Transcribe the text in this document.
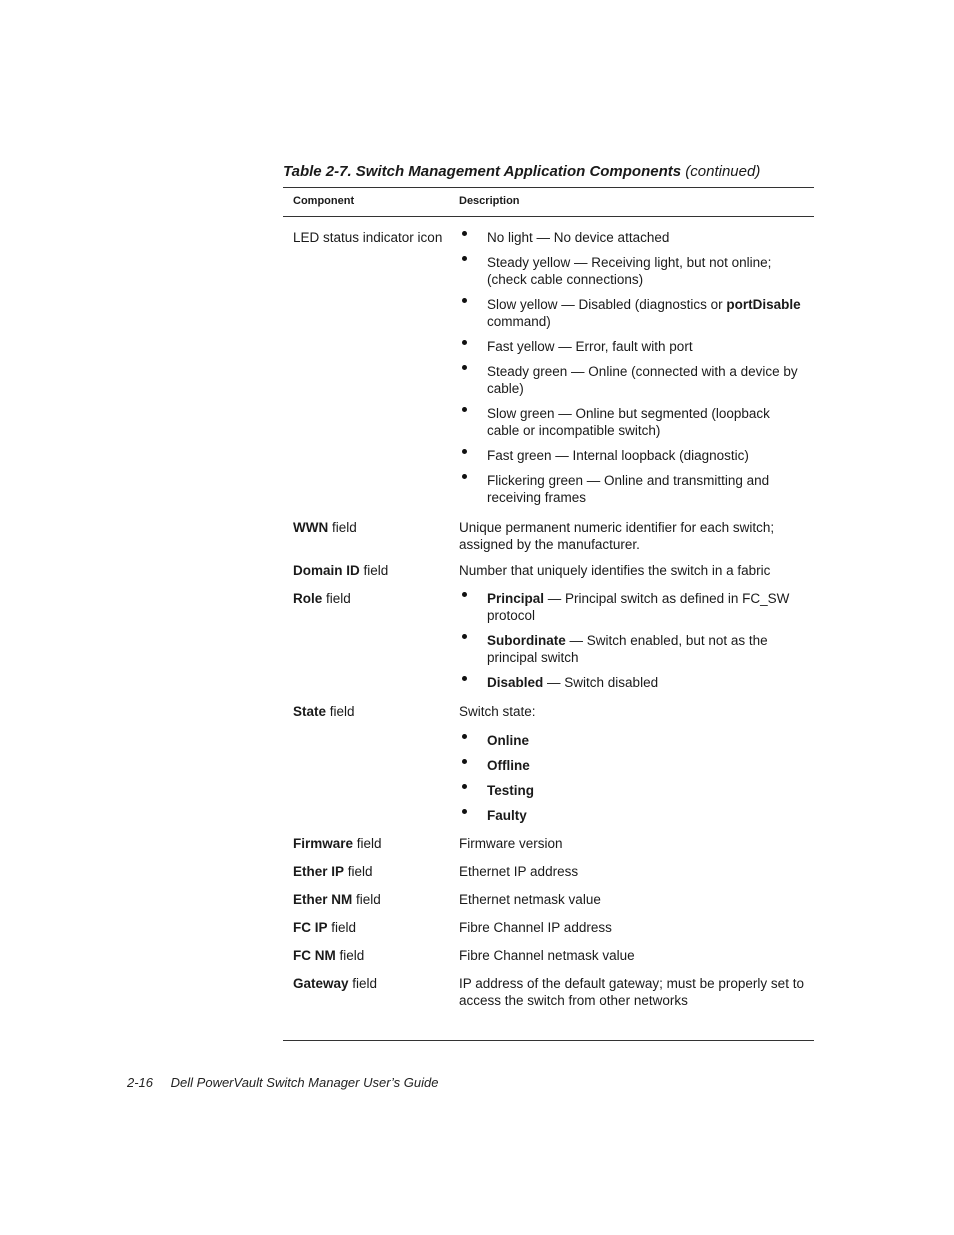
Table 2-7. Switch Management Application Components (continued)
Component	Description
LED status indicator icon	No light — No device attached
Steady yellow — Receiving light, but not online; (check cable connections)
Slow yellow — Disabled (diagnostics or portDisable command)
Fast yellow — Error, fault with port
Steady green — Online (connected with a device by cable)
Slow green — Online but segmented (loopback cable or incompatible switch)
Fast green — Internal loopback (diagnostic)
Flickering green — Online and transmitting and receiving frames
WWN field	Unique permanent numeric identifier for each switch; assigned by the manufacturer.

Domain ID field	Number that uniquely identifies the switch in a fabric

Role field	Principal — Principal switch as defined in FC_SW protocol
Subordinate — Switch enabled, but not as the principal switch
Disabled — Switch disabled
State field	Switch state:

Online
Offline
Testing
Faulty
Firmware field	Firmware version

Ether IP field	Ethernet IP address

Ether NM field	Ethernet netmask value

FC IP field	Fibre Channel IP address

FC NM field	Fibre Channel netmask value

Gateway field	IP address of the default gateway; must be properly set to access the switch from other networks

2-16 Dell PowerVault Switch Manager User’s Guide
